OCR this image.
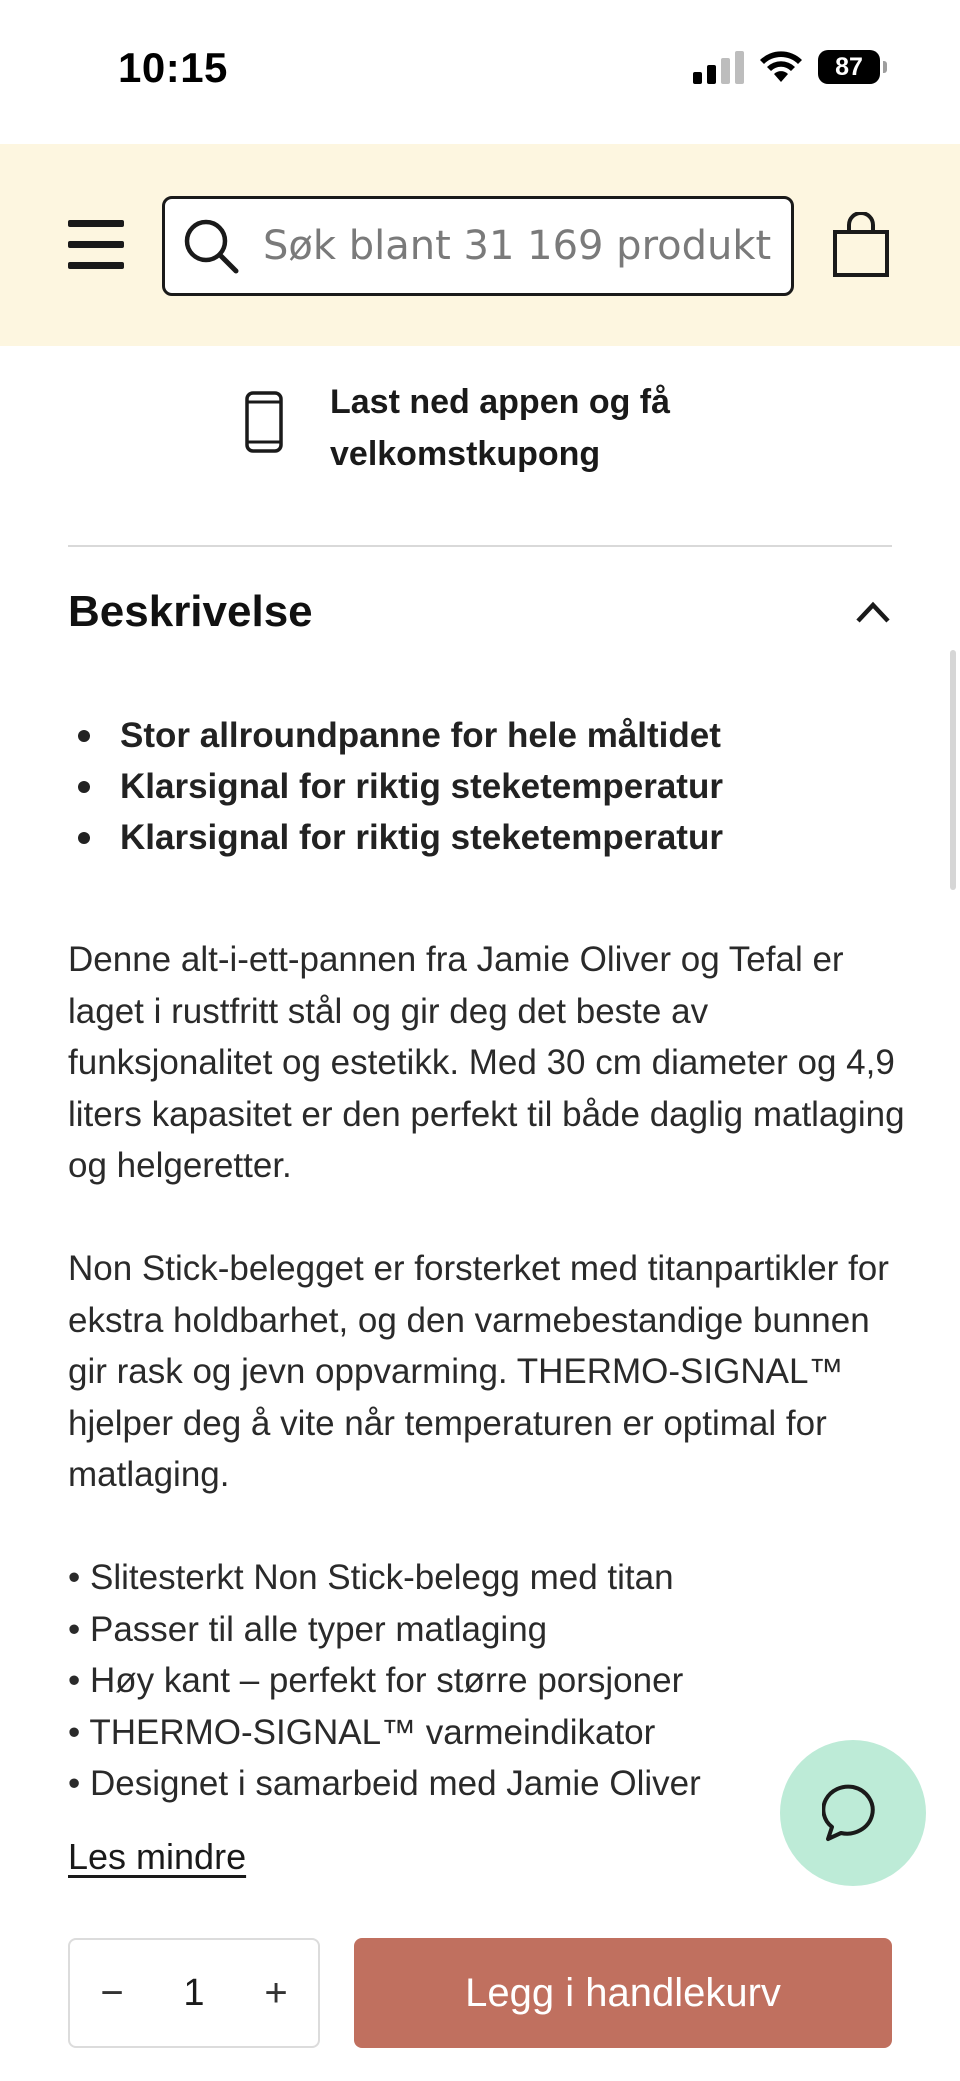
10:15	87
Søk blant 31 169 produkter
Last ned appen og få velkomstkupong
Beskrivelse
Stor allroundpanne for hele måltidet
Klarsignal for riktig steketemperatur
Klarsignal for riktig steketemperatur

Denne alt-i-ett-pannen fra Jamie Oliver og Tefal er laget i rustfritt stål og gir deg det beste av funksjonalitet og estetikk. Med 30 cm diameter og 4,9 liters kapasitet er den perfekt til både daglig matlaging og helgeretter.

Non Stick-belegget er forsterket med titanpartikler for ekstra holdbarhet, og den varmebestandige bunnen gir rask og jevn oppvarming. THERMO-SIGNAL™ hjelper deg å vite når temperaturen er optimal for matlaging.

• Slitesterkt Non Stick-belegg med titan
• Passer til alle typer matlaging
• Høy kant – perfekt for større porsjoner
• THERMO-SIGNAL™ varmeindikator
• Designet i samarbeid med Jamie Oliver
Les mindre
−
1	+	Legg i handlekurv
